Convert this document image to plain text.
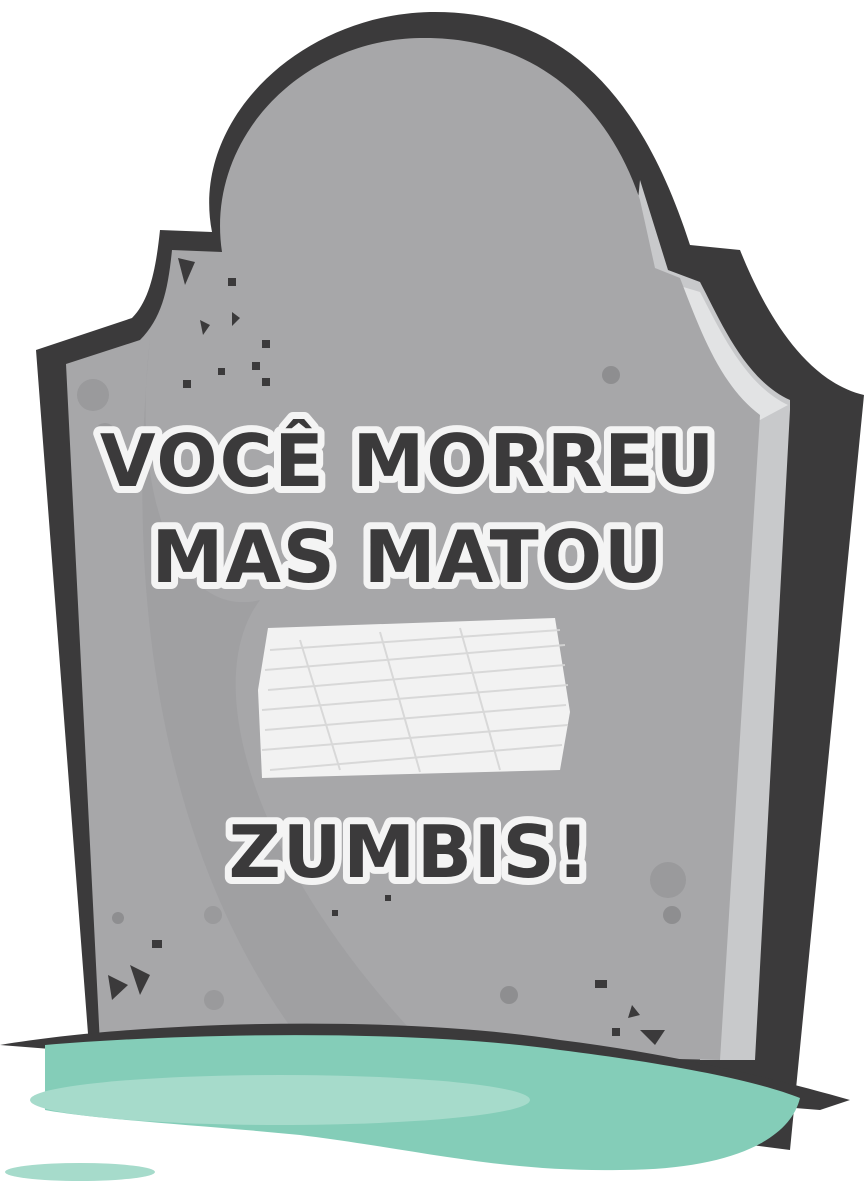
VOCÊ MORREU
MAS MATOU
ZUMBIS!
